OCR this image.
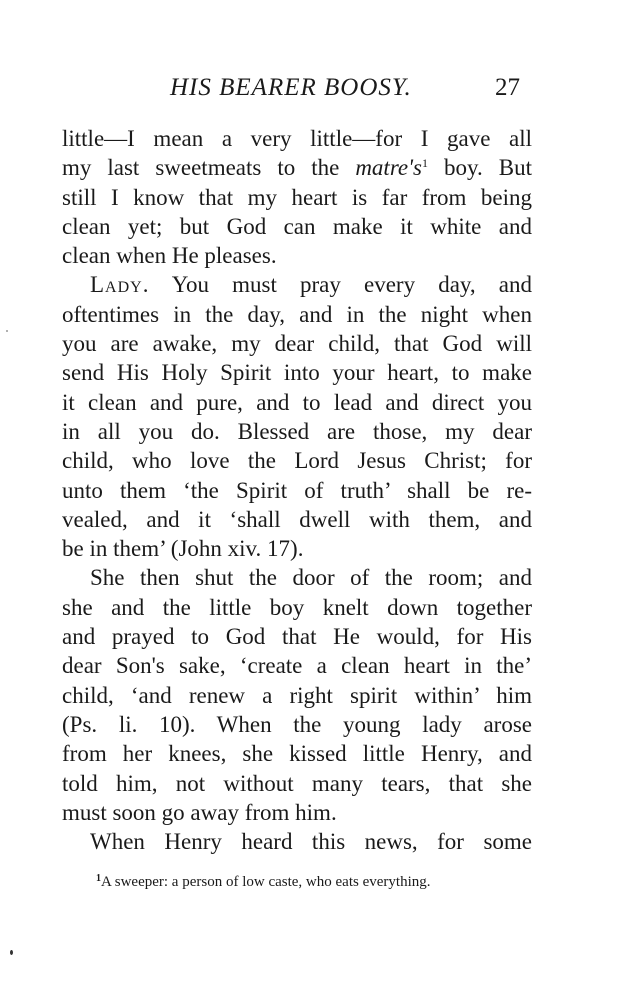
HIS BEARER BOOSY.	27
little—I mean a very little—for I gave all
my last sweetmeats to the $matre's^1$ boy. But
still I know that my heart is far from being
clean yet; but God can make it white and
clean when He pleases.
Lady. You must pray every day, and
oftentimes in the day, and in the night when
you are awake, my dear child, that God will
send His Holy Spirit into your heart, to make
it clean and pure, and to lead and direct you
in all you do. Blessed are those, my dear
child, who love the Lord Jesus Christ; for
unto them ‘the Spirit of truth’ shall be re-
vealed, and it ‘shall dwell with them, and
be in them’ (John xiv. 17).
She then shut the door of the room; and
she and the little boy knelt down together
and prayed to God that He would, for His
dear Son's sake, ‘create a clean heart in the’
child, ‘and renew a right spirit within’ him
(Ps. li. 10). When the young lady arose
from her knees, she kissed little Henry, and
told him, not without many tears, that she
must soon go away from him.
When Henry heard this news, for some
$^1$A sweeper: a person of low caste, who eats everything.
